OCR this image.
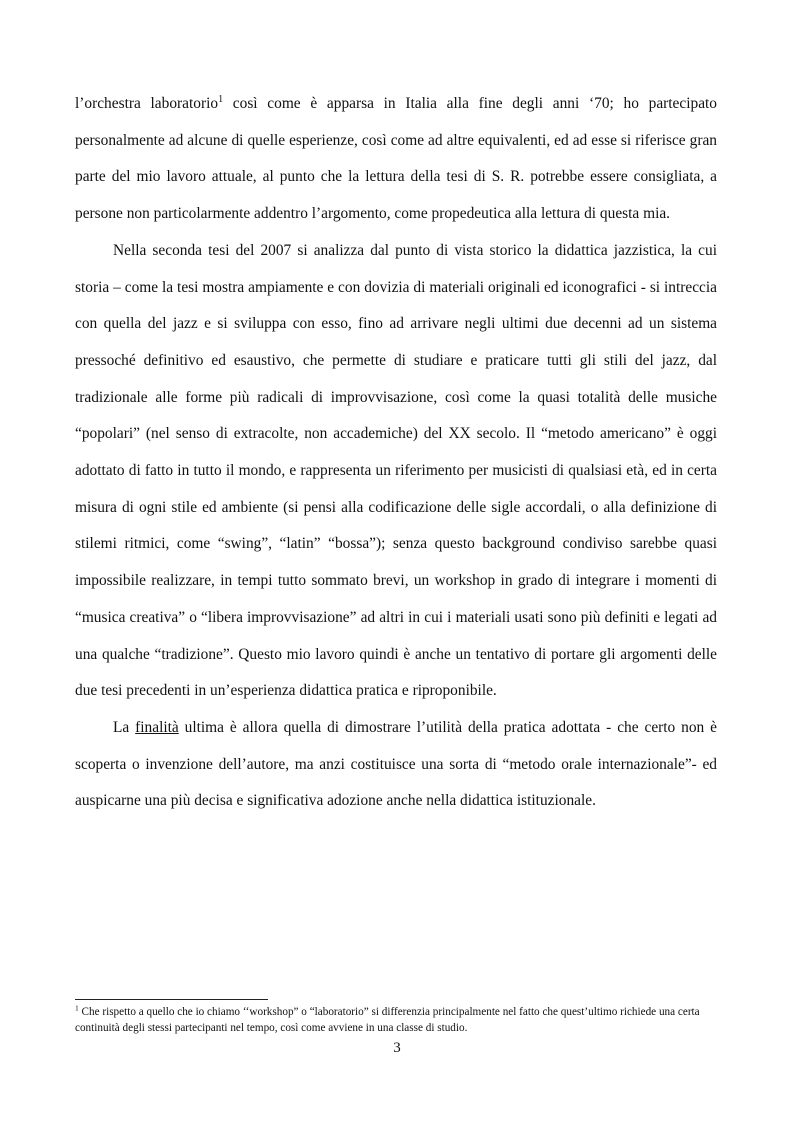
l’orchestra laboratorio$^1$ così come è apparsa in Italia alla fine degli anni ‘70; ho partecipato personalmente ad alcune di quelle esperienze, così come ad altre equivalenti, ed ad esse si riferisce gran parte del mio lavoro attuale, al punto che la lettura della tesi di S. R. potrebbe essere consigliata, a persone non particolarmente addentro l’argomento, come propedeutica alla lettura di questa mia.

Nella seconda tesi del 2007 si analizza dal punto di vista storico la didattica jazzistica, la cui storia – come la tesi mostra ampiamente e con dovizia di materiali originali ed iconografici - si intreccia con quella del jazz e si sviluppa con esso, fino ad arrivare negli ultimi due decenni ad un sistema pressoché definitivo ed esaustivo, che permette di studiare e praticare tutti gli stili del jazz, dal tradizionale alle forme più radicali di improvvisazione, così come la quasi totalità delle musiche “popolari” (nel senso di extracolte, non accademiche) del XX secolo. Il “metodo americano” è oggi adottato di fatto in tutto il mondo, e rappresenta un riferimento per musicisti di qualsiasi età, ed in certa misura di ogni stile ed ambiente (si pensi alla codificazione delle sigle accordali, o alla definizione di stilemi ritmici, come “swing”, “latin” “bossa”); senza questo background condiviso sarebbe quasi impossibile realizzare, in tempi tutto sommato brevi, un workshop in grado di integrare i momenti di “musica creativa” o “libera improvvisazione” ad altri in cui i materiali usati sono più definiti e legati ad una qualche “tradizione”. Questo mio lavoro quindi è anche un tentativo di portare gli argomenti delle due tesi precedenti in un’esperienza didattica pratica e riproponibile.

La finalità ultima è allora quella di dimostrare l’utilità della pratica adottata - che certo non è scoperta o invenzione dell’autore, ma anzi costituisce una sorta di “metodo orale internazionale”- ed auspicarne una più decisa e significativa adozione anche nella didattica istituzionale.

$^1$ Che rispetto a quello che io chiamo ‘‘workshop” o “laboratorio” si differenzia principalmente nel fatto che quest’ultimo richiede una certa continuità degli stessi partecipanti nel tempo, così come avviene in una classe di studio.

3
